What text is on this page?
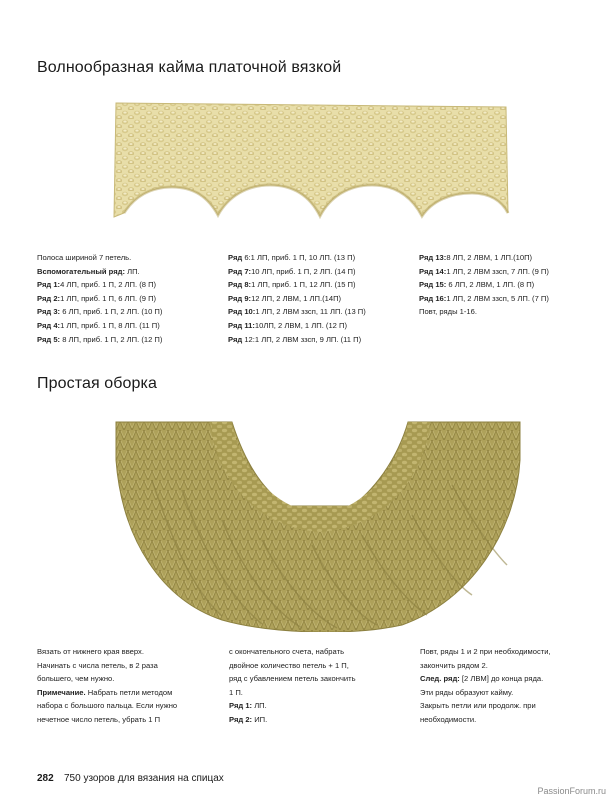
Волнообразная кайма платочной вязкой

Полоса шириной 7 петель.

Вспомогательный ряд: ЛП.

Ряд 1:4 ЛП, приб. 1 П, 2 ЛП. (8 П)

Ряд 2:1 ЛП, приб. 1 П, 6 ЛП. (9 П)

Ряд 3: 6 ЛП, приб. 1 П, 2 ЛП. (10 П)

Ряд 4:1 ЛП, приб. 1 П, 8 ЛП. (11 П)

Ряд 5: 8 ЛП, приб. 1 П, 2 ЛП. (12 П)

Ряд 6:1 ЛП, приб. 1 П, 10 ЛП. (13 П)

Ряд 7:10 ЛП, приб. 1 П, 2 ЛП. (14 П)

Ряд 8:1 ЛП, приб. 1 П, 12 ЛП. (15 П)

Ряд 9:12 ЛП, 2 ЛВМ, 1 ЛП.(14П)

Ряд 10:1 ЛП, 2 ЛВМ ззсп, 11 ЛП. (13 П)

Ряд 11:10ЛП, 2 ЛВМ, 1 ЛП. (12 П)

Ряд 12:1 ЛП, 2 ЛВМ ззсп, 9 ЛП. (11 П)

Ряд 13:8 ЛП, 2 ЛВМ, 1 ЛП.(10П)

Ряд 14:1 ЛП, 2 ЛВМ ззсп, 7 ЛП. (9 П)

Ряд 15: 6 ЛП, 2 ЛВМ, 1 ЛП. (8 П)

Ряд 16:1 ЛП, 2 ЛВМ ззсп, 5 ЛП. (7 П)

Повт, ряды 1-16.

Простая оборка

Вязать от нижнего края вверх.

Начинать с числа петель, в 2 раза

большего, чем нужно.

Примечание. Набрать петли методом

набора с большого пальца. Если нужно

нечетное число петель, убрать 1 П

с окончательного счета, набрать

двойное количество петель + 1 П,

ряд с убавлением петель закончить

1 П.

Ряд 1: ЛП.

Ряд 2: ИП.

Повт, ряды 1 и 2 при необходимости,

закончить рядом 2.

След. ряд: [2 ЛВМ] до конца ряда.

Эти ряды образуют кайму.

Закрыть петли или продолж. при

необходимости.

282 750 узоров для вязания на спицах
PassionForum.ru
